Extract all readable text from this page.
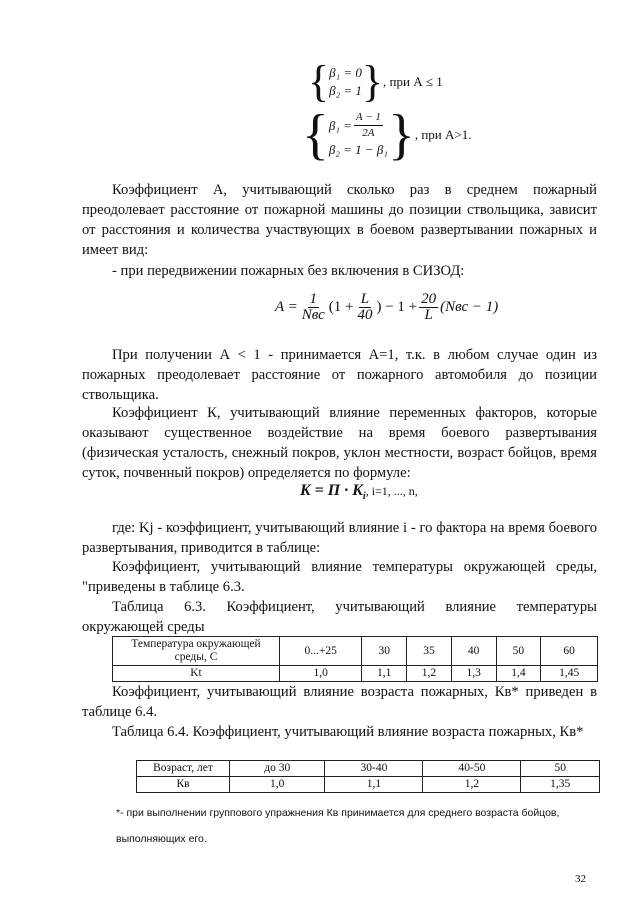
{ β₁ = 0
β₂ = 1 } , при А ≤ 1
{ $\beta_1 = \frac{A - 1}{2A}$
β₂ = 1 − β₁ } , при А>1.
Коэффициент А, учитывающий сколько раз в среднем пожарный преодолевает расстояние от пожарной машины до позиции ствольщика, зависит от расстояния и количества участвующих в боевом развертывании пожарных и имеет вид:
- при передвижении пожарных без включения в СИЗОД:
$A = \frac{1}{\text{Nвс}} (1 + \frac{L}{40}$ ) − $1 + \frac{20}{L} (Nвс - 1)$
При получении А < 1 - принимается А=1, т.к. в любом случае один из пожарных преодолевает расстояние от пожарного автомобиля до позиции ствольщика.
Коэффициент К, учитывающий влияние переменных факторов, которые оказывают существенное воздействие на время боевого развертывания (физическая усталость, снежный покров, уклон местности, возраст бойцов, время суток, почвенный покров) определяется по формуле:
$K = \Pi \cdot K_i$, i=1, ..., n,
где: Kj - коэффициент, учитывающий влияние i - го фактора на время боевого развертывания, приводится в таблице:
Коэффициент, учитывающий влияние температуры окружающей среды, "приведены в таблице 6.3.
Таблица 6.3. Коэффициент, учитывающий влияние температуры окружающей среды
Температура окружающей среды, С	0...+25	30	35	40	50	60
Kt	1,0	1,1	1,2	1,3	1,4	1,45
Коэффициент, учитывающий влияние возраста пожарных, Кв* приведен в таблице 6.4.
Таблица 6.4. Коэффициент, учитывающий влияние возраста пожарных, Кв*
Возраст, лет	до 30	30-40	40-50	50
Кв	1,0	1,1	1,2	1,35
*- при выполнении группового упражнения Кв принимается для среднего возраста бойцов, выполняющих его.
32
